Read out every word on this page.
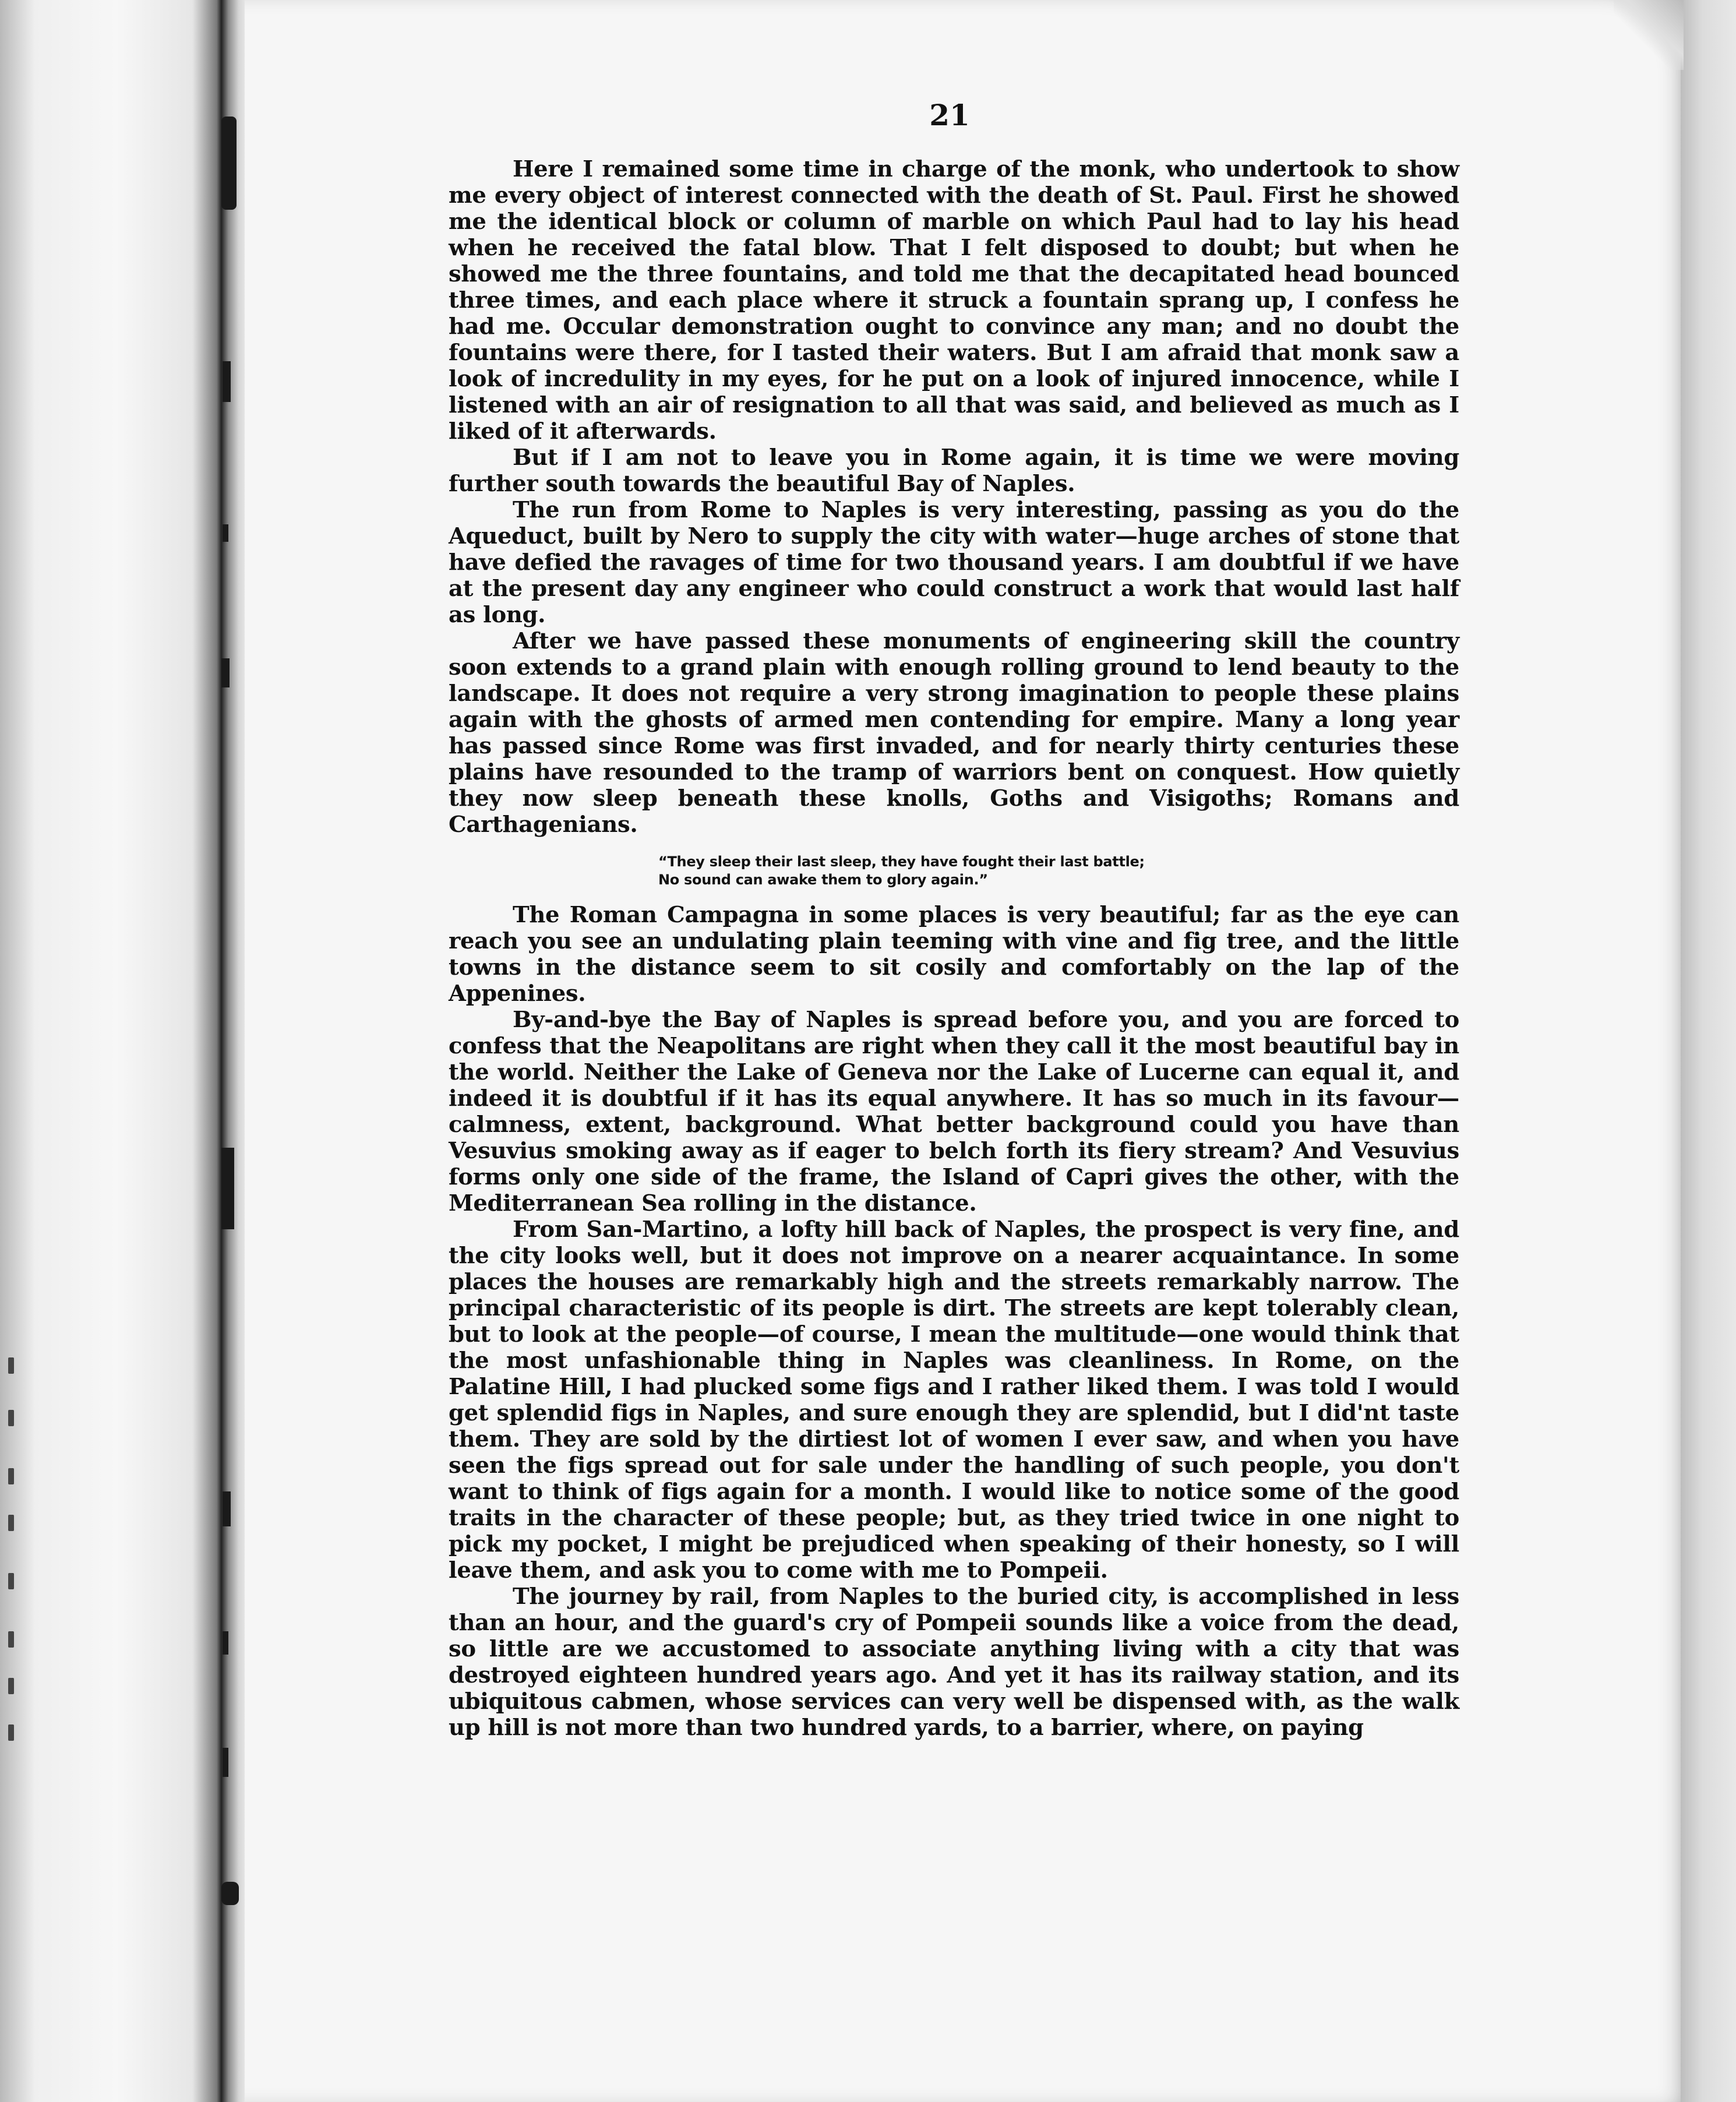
21

Here I remained some time in charge of the monk, who undertook to show me every object of interest connected with the death of St. Paul. First he showed me the identical block or column of marble on which Paul had to lay his head when he received the fatal blow. That I felt disposed to doubt; but when he showed me the three fountains, and told me that the decapitated head bounced three times, and each place where it struck a fountain sprang up, I confess he had me. Occular demonstration ought to convince any man; and no doubt the fountains were there, for I tasted their waters. But I am afraid that monk saw a look of incredulity in my eyes, for he put on a look of injured innocence, while I listened with an air of resignation to all that was said, and believed as much as I liked of it afterwards.

But if I am not to leave you in Rome again, it is time we were moving further south towards the beautiful Bay of Naples.

The run from Rome to Naples is very interesting, passing as you do the Aqueduct, built by Nero to supply the city with water—huge arches of stone that have defied the ravages of time for two thousand years. I am doubtful if we have at the present day any engineer who could construct a work that would last half as long.

After we have passed these monuments of engineering skill the country soon extends to a grand plain with enough rolling ground to lend beauty to the landscape. It does not require a very strong imagination to people these plains again with the ghosts of armed men contending for empire. Many a long year has passed since Rome was first invaded, and for nearly thirty centuries these plains have resounded to the tramp of warriors bent on conquest. How quietly they now sleep beneath these knolls, Goths and Visigoths; Romans and Carthagenians.

“They sleep their last sleep, they have fought their last battle;
No sound can awake them to glory again.”

The Roman Campagna in some places is very beautiful; far as the eye can reach you see an undulating plain teeming with vine and fig tree, and the little towns in the distance seem to sit cosily and comfortably on the lap of the Appenines.

By-and-bye the Bay of Naples is spread before you, and you are forced to confess that the Neapolitans are right when they call it the most beautiful bay in the world. Neither the Lake of Geneva nor the Lake of Lucerne can equal it, and indeed it is doubtful if it has its equal anywhere. It has so much in its favour—calmness, extent, background. What better background could you have than Vesuvius smoking away as if eager to belch forth its fiery stream? And Vesuvius forms only one side of the frame, the Island of Capri gives the other, with the Mediterranean Sea rolling in the distance.

From San-Martino, a lofty hill back of Naples, the prospect is very fine, and the city looks well, but it does not improve on a nearer acquaintance. In some places the houses are remarkably high and the streets remarkably narrow. The principal characteristic of its people is dirt. The streets are kept tolerably clean, but to look at the people—of course, I mean the multitude—one would think that the most unfashionable thing in Naples was cleanliness. In Rome, on the Palatine Hill, I had plucked some figs and I rather liked them. I was told I would get splendid figs in Naples, and sure enough they are splendid, but I did'nt taste them. They are sold by the dirtiest lot of women I ever saw, and when you have seen the figs spread out for sale under the handling of such people, you don't want to think of figs again for a month. I would like to notice some of the good traits in the character of these people; but, as they tried twice in one night to pick my pocket, I might be prejudiced when speaking of their honesty, so I will leave them, and ask you to come with me to Pompeii.

The journey by rail, from Naples to the buried city, is accomplished in less than an hour, and the guard's cry of Pompeii sounds like a voice from the dead, so little are we accustomed to associate anything living with a city that was destroyed eighteen hundred years ago. And yet it has its railway station, and its ubiquitous cabmen, whose services can very well be dispensed with, as the walk up hill is not more than two hundred yards, to a barrier, where, on paying
